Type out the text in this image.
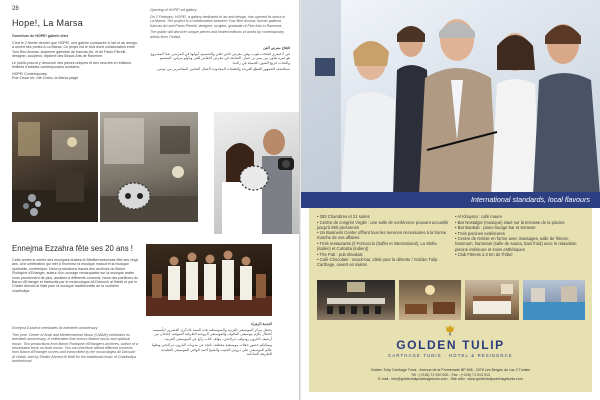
28
Hope!, La Marsa

Ouverture de HOPE! galerie d'art

C'est le 2 février dernier que HOPE!, une galerie consacrée à l'art et au design, a ouvert ses portes à La Marsa. Ce projet est le fruit d'une collaboration entre Yosr Ben Ammar, ancienne galeriste de Kanvas Art, et de Paolo Pierelli, designer, sculpteur, diplômé des Beaux Arts de Ravenne.

Le public pourra y découvrir des pièces uniques et des oeuvres en éditions limitées d'artistes contemporains tunisiens.

HOPE! Contemporary

Rue Cesar Ier, cité Cobra, la Marsa plage

Opening of HOPE! art gallery

On 2 February, HOPE!, a gallery dedicated to art and design, has opened its doors in La Marsa. The project is a collaboration between Yosr Ben Ammar, former gallerist Kanvas Art and Paolo Pierelli, designer, sculptor, graduate of Fine Arts in Ravenna.

The public will discover unique pieces and limited editions of works by contemporary artists from Tunisia.

افتتاح معرض الفن

في 2 فيفري افتتحت هوب، وهي معرض خاص للفن والتصميم، أبوابها في المرسى. هذا المشروع هو ثمرة تعاون بين يسر بن عمار، السابقة في معرض كانفاس للفن وباولو بيريلي، المصمم والنحات خريج الفنون الجميلة في رافينا.

سيكتشف الجمهور القطع الفريدة والطبعات المحدودة لأعمال الفنانين المعاصرين من تونس.

Ennejma Ezzahra fête ses 20 ans !

Cette année le centre des musiques arabes et Méditerranéennes fête ses vingt ans. Une célébration qui met à l'honneur la musique malouf et la musique spirituelle, confrérique. Deux productions issues des archives du Baron Rodolphe d'Erlanger, auteur d'un ouvrage remarquable sur la musique arabe nous proviennent de plus, assistez à différents concerts, issus des partitions du Baron d'Erlanger et transcrits par le musicologue Ali Darouch al Habib et par le Cheikh Ahmed al Wafi pour la musique traditionnelle de la confrérie chadhuliya.

Ennejma Ezzahra celebrates its twentieth anniversary

This year, Center of Arab and Mediterranean Music (CMAM) celebrates its twentieth anniversary. A celebration that honors Malouf music and spiritual music. Two productions from Baron Rodolphe d'Erlanger's archives, author of a remarkable book on Arab music. You can therefore attend different concerts, from Baron d'Erlanger scores and transcribed by the musicologist Ali Darouch Al Habib, and by Sheikh Ahmed Al Wafi for the traditional music of Chadhuliya brotherhood.

النجمة الزهراء

يحتفل مركز الموسيقى العربية والمتوسطية هذه السنة بالذكرى العشرين لتأسيسه. احتفال يكرّم موسيقى المالوف والموسيقى الروحية الطرقية الصوفية. إنتاجان من أرشيف البارون رودولف ديرلانجي، مؤلف كتاب رائع عن الموسيقى العربية.

ويمكنكم حضور حفلات موسيقية مختلفة، ناتجة عن مدونات البارون ديرلانجي ونقلها عالم الموسيقى علي دروش الحبيب والشيخ أحمد الوافي للموسيقى التقليدية للطريقة الشاذلية.

International standards, local flavours
• 283 Chambres et 21 suites
• Centre de congrès Virgile : une salle de conférence pouvant accueillir jusqu'à 900 personnes
• Un Business Center offrant tous les services nécessaires à la bonne marche de vos affaires
• Trois restaurants (Il Fornaccio (buffet et international), La Stella (italien) et Calcutta (indien))
• The Pub : pub irlandais
• Café Chocolate : snack-bar, idéal pour la détente / Golden Tulip Carthage, ouvert en saison
• Al Khayma : café maure
• Bar Nostalgie (musique) situé sur la terrasse de la piscine
• Bar Baobab : piano-lounge bar et terrasse
• Trois piscines extérieures
• Centre de remise en forme avec massages, salle de fitness, hammam, hammam (salle de sauna, bain froid) avec le relaxation piscine intérieure et soins esthétiques
• Club Fitness à 3 km de l'hôtel
GOLDEN TULIP
CARTHAGE TUNIS · HOTEL & RESIDENCE
Golden Tulip Carthage Tunis - Avenue de la Promenade BP 606 - 2078 Les Berges du Lac 2 Tunisie
Tél : (+216) 71 910 000 - Fax : (+216) 71 913 913
E-mail : info@goldentulipcarthagetunis.com - Site web : www.goldentulipcarthagetunis.com
